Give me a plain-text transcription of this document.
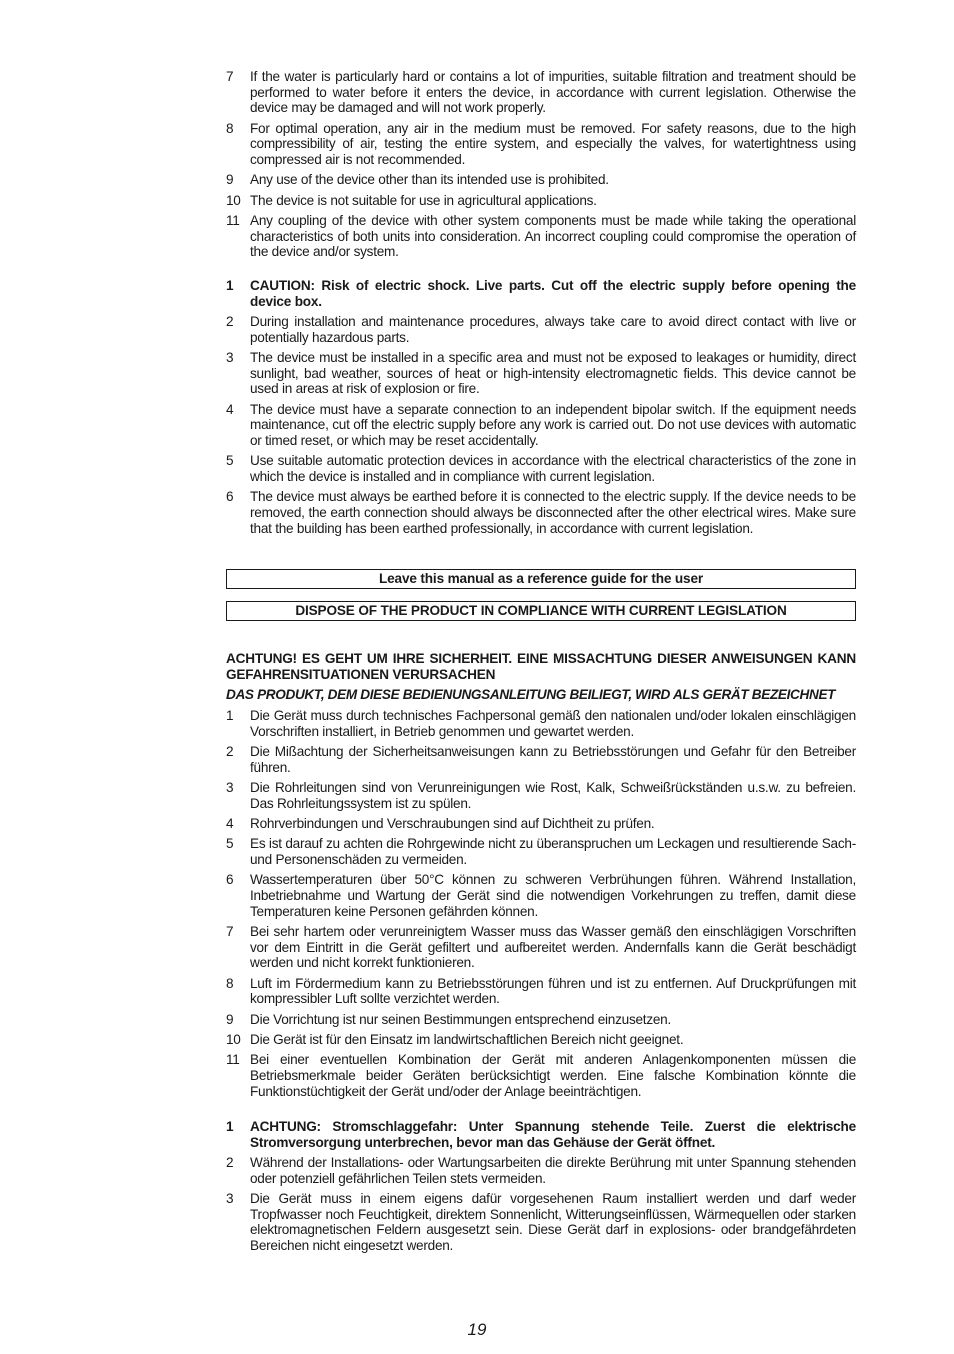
7 If the water is particularly hard or contains a lot of impurities, suitable filtration and treatment should be performed to water before it enters the device, in accordance with current legislation. Otherwise the device may be damaged and will not work properly.
8 For optimal operation, any air in the medium must be removed. For safety reasons, due to the high compressibility of air, testing the entire system, and especially the valves, for watertightness using compressed air is not recommended.
9 Any use of the device other than its intended use is prohibited.
10 The device is not suitable for use in agricultural applications.
11 Any coupling of the device with other system components must be made while taking the operational characteristics of both units into consideration. An incorrect coupling could compromise the operation of the device and/or system.
1 CAUTION: Risk of electric shock. Live parts. Cut off the electric supply before opening the device box.
2 During installation and maintenance procedures, always take care to avoid direct contact with live or potentially hazardous parts.
3 The device must be installed in a specific area and must not be exposed to leakages or humidity, direct sunlight, bad weather, sources of heat or high-intensity electromagnetic fields. This device cannot be used in areas at risk of explosion or fire.
4 The device must have a separate connection to an independent bipolar switch. If the equipment needs maintenance, cut off the electric supply before any work is carried out. Do not use devices with automatic or timed reset, or which may be reset accidentally.
5 Use suitable automatic protection devices in accordance with the electrical characteristics of the zone in which the device is installed and in compliance with current legislation.
6 The device must always be earthed before it is connected to the electric supply. If the device needs to be removed, the earth connection should always be disconnected after the other electrical wires. Make sure that the building has been earthed professionally, in accordance with current legislation.
Leave this manual as a reference guide for the user
DISPOSE OF THE PRODUCT IN COMPLIANCE WITH CURRENT LEGISLATION
ACHTUNG! ES GEHT UM IHRE SICHERHEIT. EINE MISSACHTUNG DIESER ANWEISUNGEN KANN GEFAHRENSITUATIONEN VERURSACHEN
DAS PRODUKT, DEM DIESE BEDIENUNGSANLEITUNG BEILIEGT, WIRD ALS GERÄT BEZEICHNET
1 Die Gerät muss durch technisches Fachpersonal gemäß den nationalen und/oder lokalen einschlägigen Vorschriften installiert, in Betrieb genommen und gewartet werden.
2 Die Mißachtung der Sicherheitsanweisungen kann zu Betriebsstörungen und Gefahr für den Betreiber führen.
3 Die Rohrleitungen sind von Verunreinigungen wie Rost, Kalk, Schweißrückständen u.s.w. zu befreien. Das Rohrleitungssystem ist zu spülen.
4 Rohrverbindungen und Verschraubungen sind auf Dichtheit zu prüfen.
5 Es ist darauf zu achten die Rohrgewinde nicht zu überanspruchen um Leckagen und resultierende Sach- und Personenschäden zu vermeiden.
6 Wassertemperaturen über 50°C können zu schweren Verbrühungen führen. Während Installation, Inbetriebnahme und Wartung der Gerät sind die notwendigen Vorkehrungen zu treffen, damit diese Temperaturen keine Personen gefährden können.
7 Bei sehr hartem oder verunreinigtem Wasser muss das Wasser gemäß den einschlägigen Vorschriften vor dem Eintritt in die Gerät gefiltert und aufbereitet werden. Andernfalls kann die Gerät beschädigt werden und nicht korrekt funktionieren.
8 Luft im Fördermedium kann zu Betriebsstörungen führen und ist zu entfernen. Auf Druckprüfungen mit kompressibler Luft sollte verzichtet werden.
9 Die Vorrichtung ist nur seinen Bestimmungen entsprechend einzusetzen.
10 Die Gerät ist für den Einsatz im landwirtschaftlichen Bereich nicht geeignet.
11 Bei einer eventuellen Kombination der Gerät mit anderen Anlagenkomponenten müssen die Betriebsmerkmale beider Geräten berücksichtigt werden. Eine falsche Kombination könnte die Funktionstüchtigkeit der Gerät und/oder der Anlage beeinträchtigen.
1 ACHTUNG: Stromschlaggefahr: Unter Spannung stehende Teile. Zuerst die elektrische Stromversorgung unterbrechen, bevor man das Gehäuse der Gerät öffnet.
2 Während der Installations- oder Wartungsarbeiten die direkte Berührung mit unter Spannung stehenden oder potenziell gefährlichen Teilen stets vermeiden.
3 Die Gerät muss in einem eigens dafür vorgesehenen Raum installiert werden und darf weder Tropfwasser noch Feuchtigkeit, direktem Sonnenlicht, Witterungseinflüssen, Wärmequellen oder starken elektromagnetischen Feldern ausgesetzt sein. Diese Gerät darf in explosions- oder brandgefährdeten Bereichen nicht eingesetzt werden.
19
